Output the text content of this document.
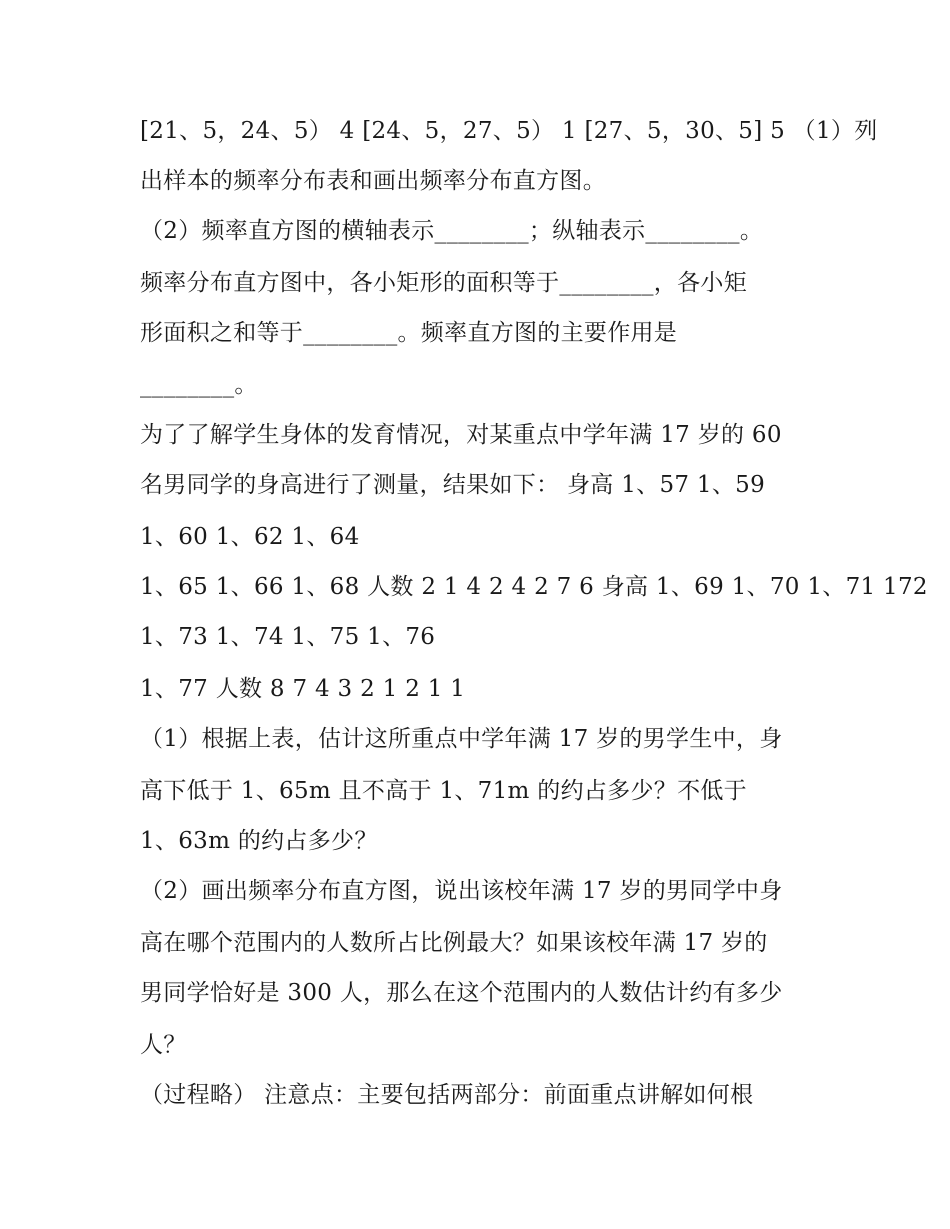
[21、5，24、5） 4 [24、5，27、5） 1 [27、5，30、5] 5 （1）列
出样本的频率分布表和画出频率分布直方图。
（2）频率直方图的横轴表示________；纵轴表示________。
频率分布直方图中，各小矩形的面积等于________，各小矩
形面积之和等于________。频率直方图的主要作用是
________。
为了了解学生身体的发育情况，对某重点中学年满 17 岁的 60
名男同学的身高进行了测量，结果如下： 身高 1、57 1、59
1、60 1、62 1、64
1、65 1、66 1、68 人数 2 1 4 2 4 2 7 6 身高 1、69 1、70 1、71 172
1、73 1、74 1、75 1、76
1、77 人数 8 7 4 3 2 1 2 1 1
（1）根据上表，估计这所重点中学年满 17 岁的男学生中，身
高下低于 1、65m 且不高于 1、71m 的约占多少？不低于
1、63m 的约占多少？
（2）画出频率分布直方图，说出该校年满 17 岁的男同学中身
高在哪个范围内的人数所占比例最大？如果该校年满 17 岁的
男同学恰好是 300 人，那么在这个范围内的人数估计约有多少
人？
（过程略） 注意点：主要包括两部分：前面重点讲解如何根
